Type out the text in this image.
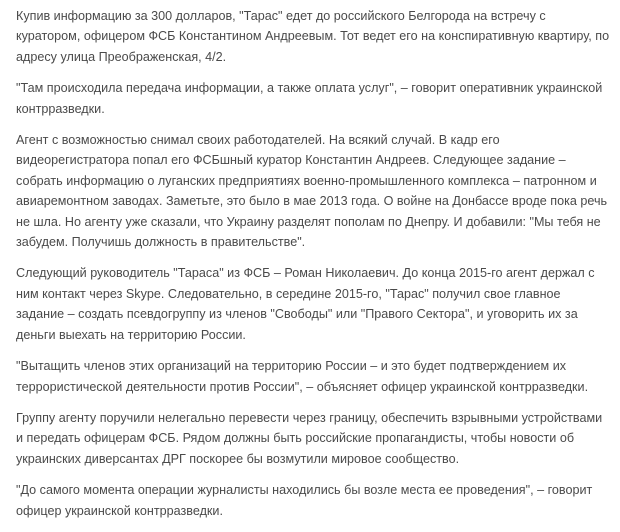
Купив информацию за 300 долларов, "Тарас" едет до российского Белгорода на встречу с куратором, офицером ФСБ Константином Андреевым. Тот ведет его на конспиративную квартиру, по адресу улица Преображенская, 4/2.

"Там происходила передача информации, а также оплата услуг", – говорит оперативник украинской контрразведки.

Агент с возможностью снимал своих работодателей. На всякий случай. В кадр его видеорегистратора попал его ФСБшный куратор Константин Андреев. Следующее задание – собрать информацию о луганских предприятиях военно-промышленного комплекса – патронном и авиаремонтном заводах. Заметьте, это было в мае 2013 года. О войне на Донбассе вроде пока речь не шла. Но агенту уже сказали, что Украину разделят пополам по Днепру. И добавили: "Мы тебя не забудем. Получишь должность в правительстве".

Следующий руководитель "Тараса" из ФСБ – Роман Николаевич. До конца 2015-го агент держал с ним контакт через Skype. Следовательно, в середине 2015-го, "Тарас" получил свое главное задание – создать псевдогруппу из членов "Свободы" или "Правого Сектора", и уговорить их за деньги выехать на территорию России.

"Вытащить членов этих организаций на территорию России – и это будет подтверждением их террористической деятельности против России", – объясняет офицер украинской контрразведки.

Группу агенту поручили нелегально перевести через границу, обеспечить взрывными устройствами и передать офицерам ФСБ. Рядом должны быть российские пропагандисты, чтобы новости об украинских диверсантах ДРГ поскорее бы возмутили мировое сообщество.

"До самого момента операции журналисты находились бы возле места ее проведения", – говорит офицер украинской контрразведки.
